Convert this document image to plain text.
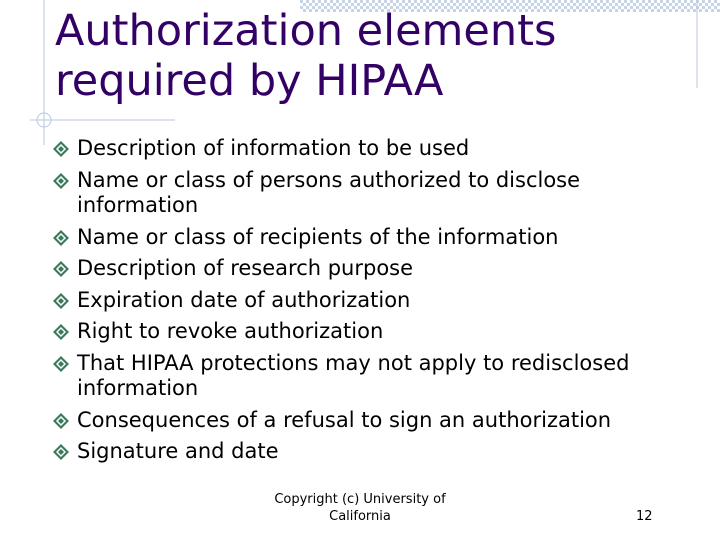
Authorization elements
required by HIPAA
Description of information to be used
Name or class of persons authorized to disclose information
Name or class of recipients of the information
Description of research purpose
Expiration date of authorization
Right to revoke authorization
That HIPAA protections may not apply to redisclosed information
Consequences of a refusal to sign an authorization
Signature and date
Copyright (c) University of California	12
